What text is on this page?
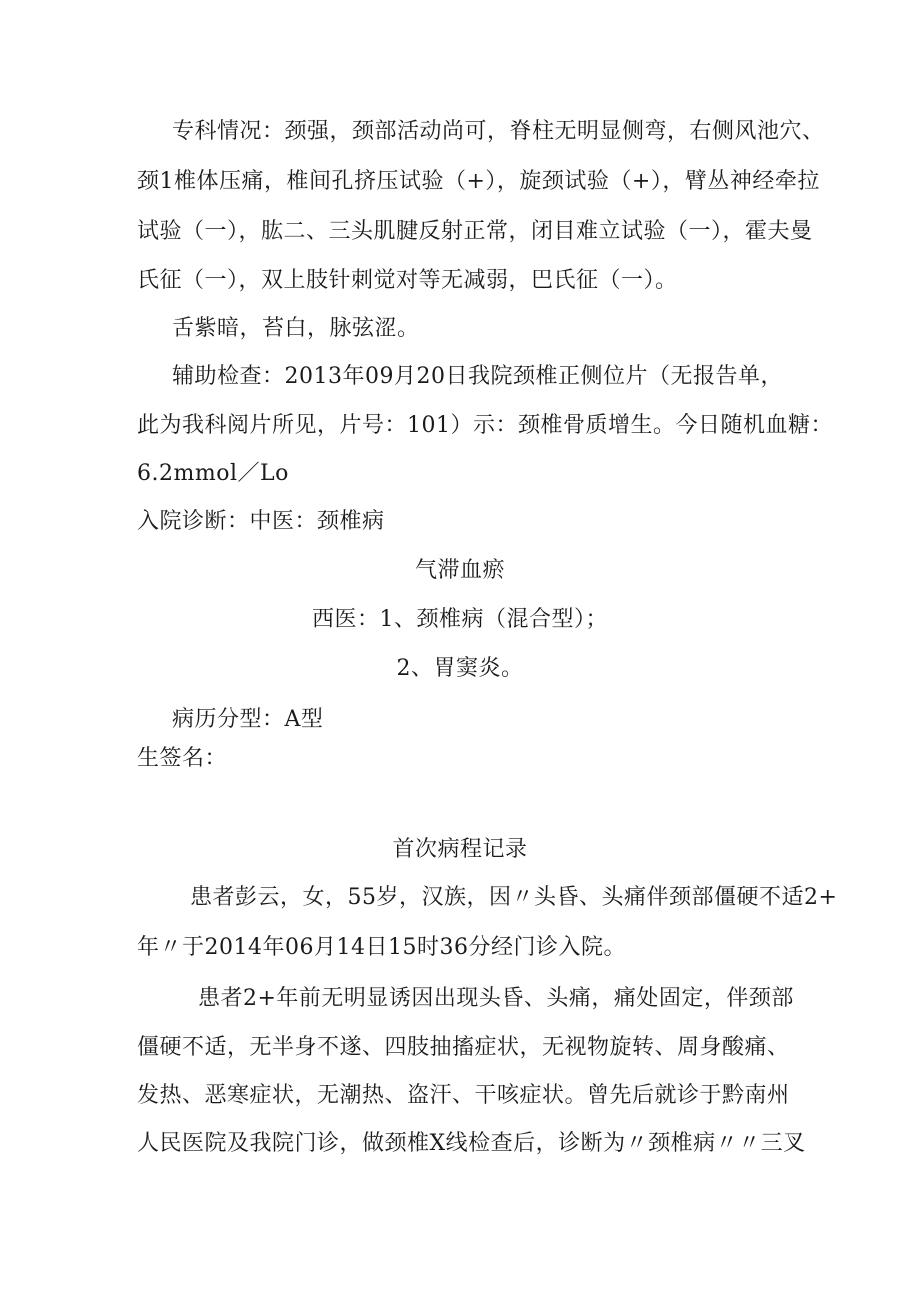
专科情况：颈强，颈部活动尚可，脊柱无明显侧弯，右侧风池穴、
颈1椎体压痛，椎间孔挤压试验（+），旋颈试验（+），臂丛神经牵拉
试验（一），肱二、三头肌腱反射正常，闭目难立试验（一），霍夫曼
氏征（一），双上肢针刺觉对等无减弱，巴氏征（一）。
舌紫暗，苔白，脉弦涩。
辅助检查：2013年09月20日我院颈椎正侧位片（无报告单，
此为我科阅片所见，片号：101）示：颈椎骨质增生。今日随机血糖：
6.2mmol／Lo
入院诊断：中医：颈椎病
气滞血瘀
西医：1、颈椎病（混合型）；
2、胃窦炎。
病历分型：A型
生签名：
首次病程记录
患者彭云，女，55岁，汉族，因〃头昏、头痛伴颈部僵硬不适2+
年〃于2014年06月14日15时36分经门诊入院。
患者2+年前无明显诱因出现头昏、头痛，痛处固定，伴颈部
僵硬不适，无半身不遂、四肢抽搐症状，无视物旋转、周身酸痛、
发热、恶寒症状，无潮热、盗汗、干咳症状。曾先后就诊于黔南州
人民医院及我院门诊，做颈椎X线检查后，诊断为〃颈椎病〃〃三叉
